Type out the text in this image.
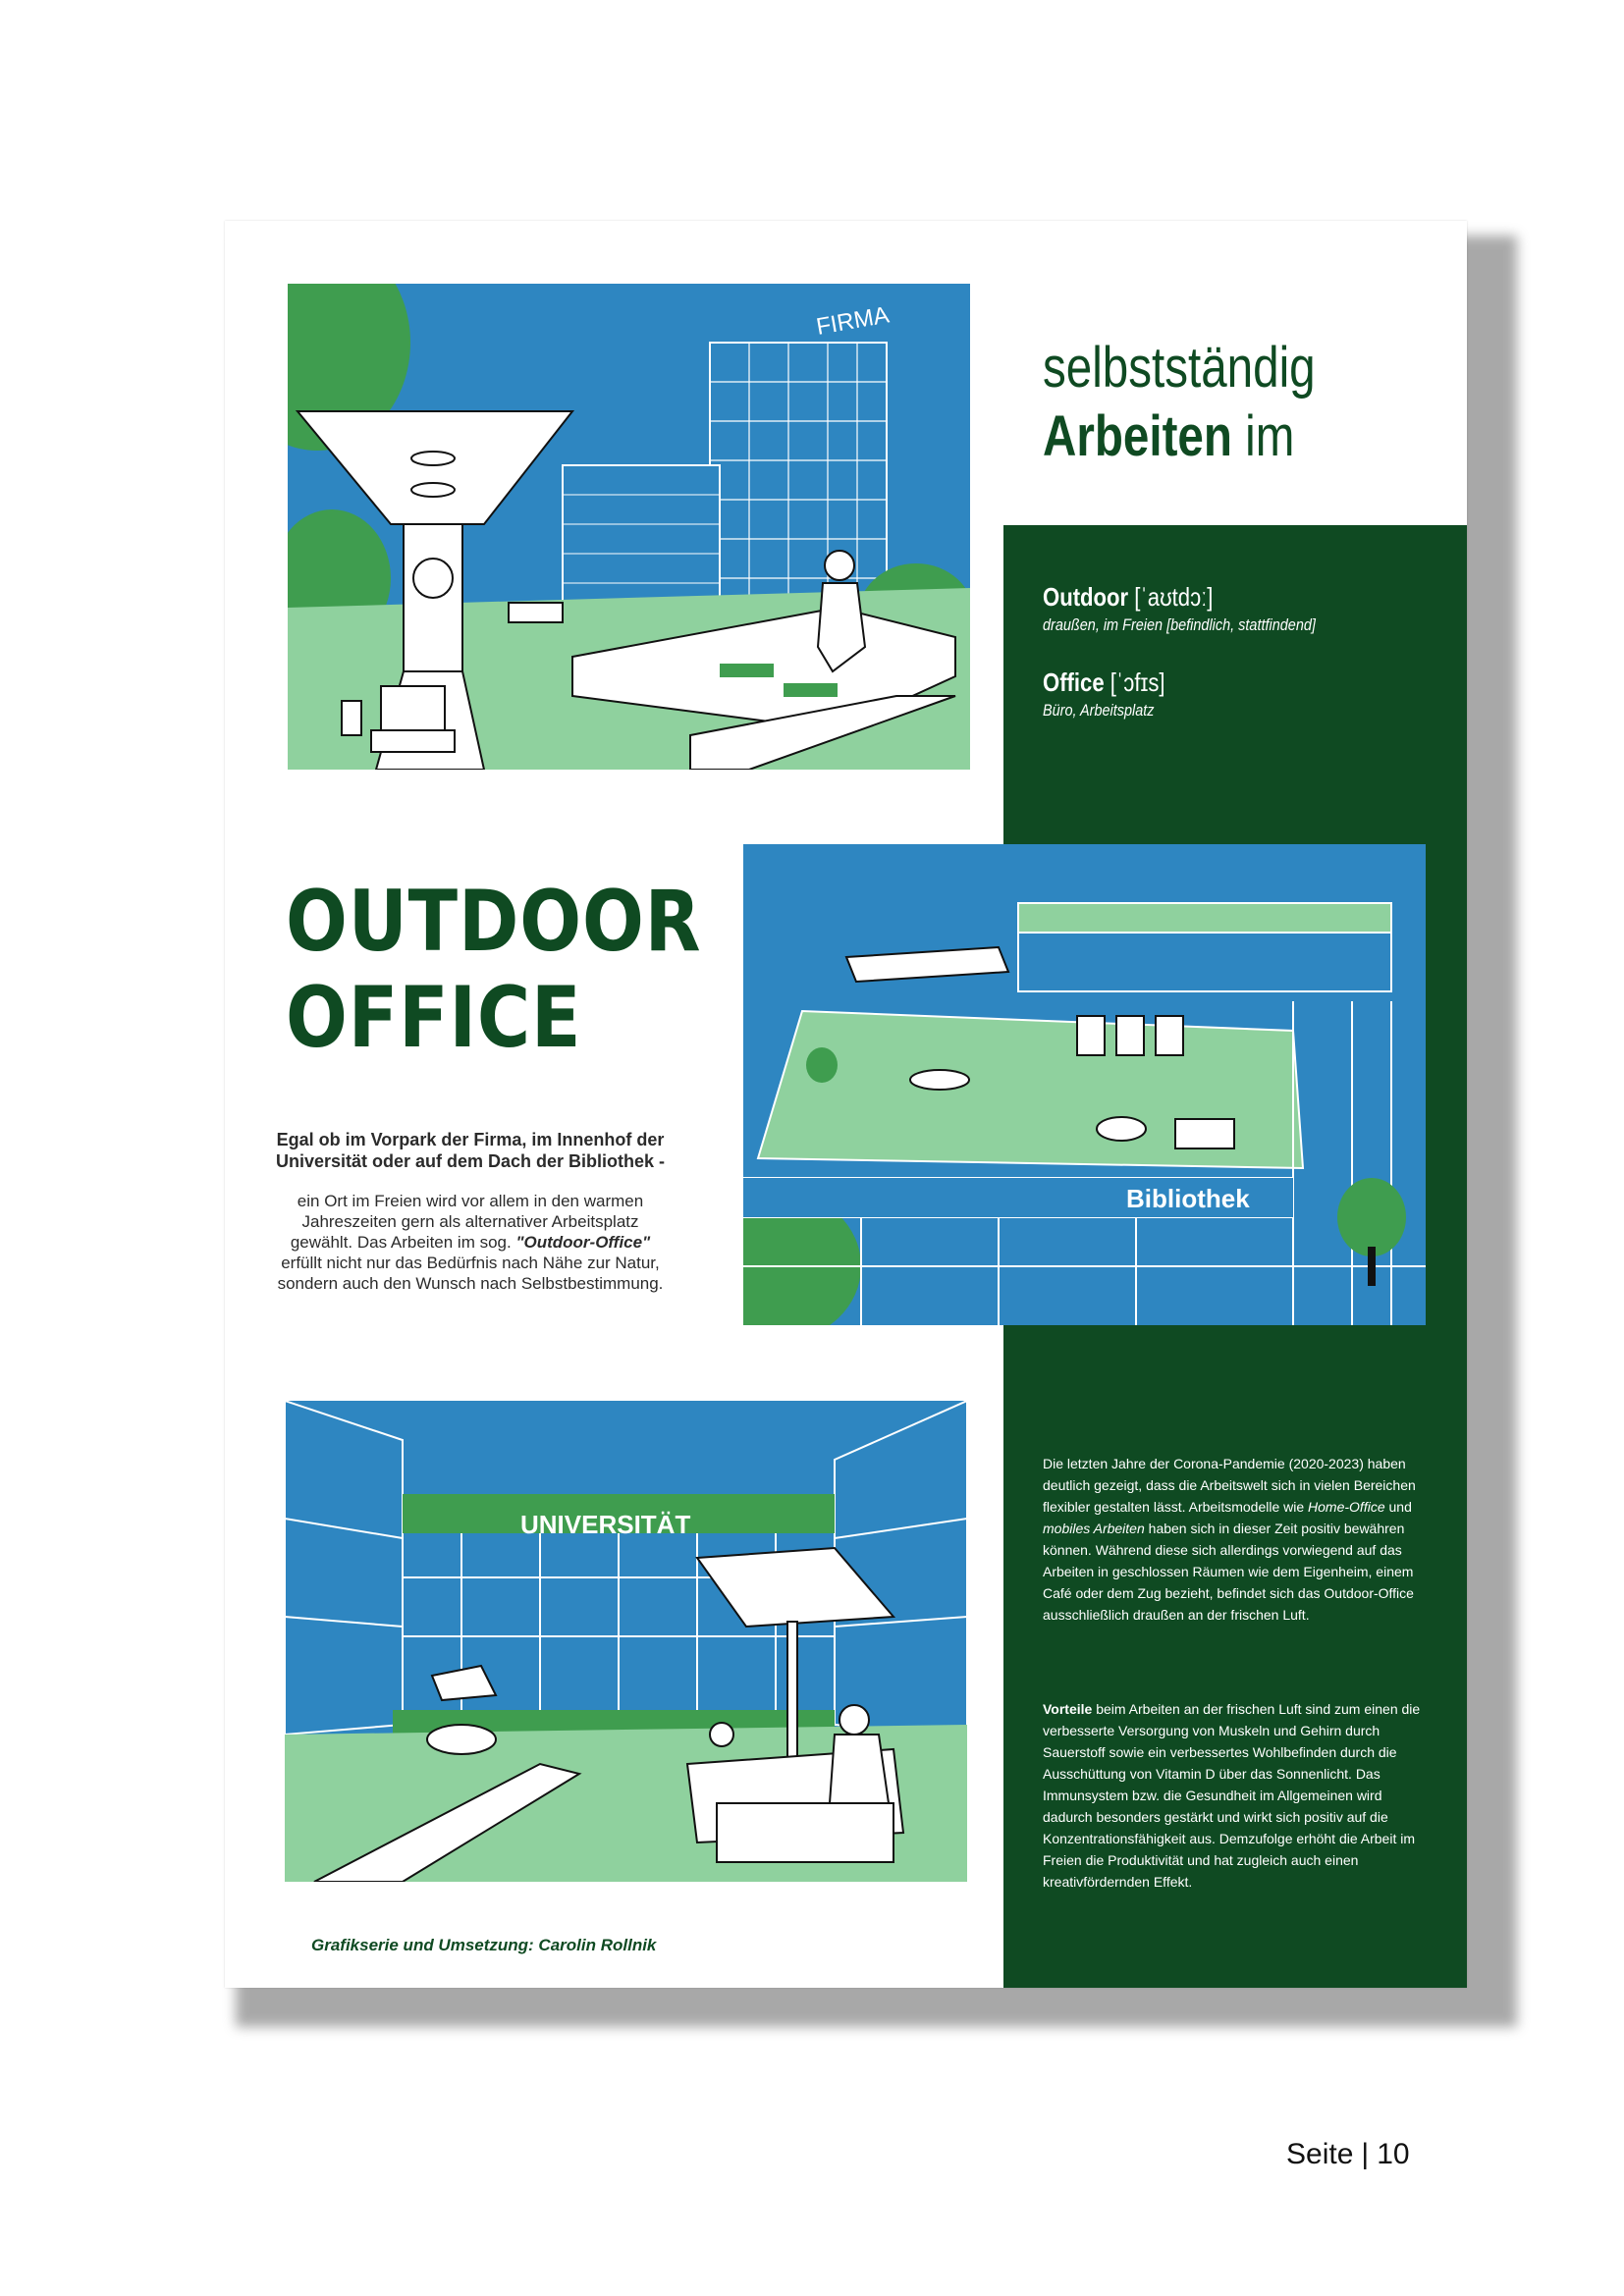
selbstständig
Arbeiten im
Outdoor [ˈaʊtdɔː]
draußen, im Freien [befindlich, stattfindend]
Office [ˈɔfɪs]
Büro, Arbeitsplatz
FIRMA
Bibliothek
UNIVERSITÄT
OUTDOOR
OFFICE
Egal ob im Vorpark der Firma, im Innenhof der Universität oder auf dem Dach der Bibliothek -
ein Ort im Freien wird vor allem in den warmen Jahreszeiten gern als alternativer Arbeitsplatz gewählt. Das Arbeiten im sog. "Outdoor-Office" erfüllt nicht nur das Bedürfnis nach Nähe zur Natur, sondern auch den Wunsch nach Selbstbestimmung.
Die letzten Jahre der Corona-Pandemie (2020-2023) haben deutlich gezeigt, dass die Arbeitswelt sich in vielen Bereichen flexibler gestalten lässt. Arbeitsmodelle wie Home-Office und mobiles Arbeiten haben sich in dieser Zeit positiv bewähren können. Während diese sich allerdings vorwiegend auf das Arbeiten in geschlossen Räumen wie dem Eigenheim, einem Café oder dem Zug bezieht, befindet sich das Outdoor-Office ausschließlich draußen an der frischen Luft.
Vorteile beim Arbeiten an der frischen Luft sind zum einen die verbesserte Versorgung von Muskeln und Gehirn durch Sauerstoff sowie ein verbessertes Wohlbefinden durch die Ausschüttung von Vitamin D über das Sonnenlicht. Das Immunsystem bzw. die Gesundheit im Allgemeinen wird dadurch besonders gestärkt und wirkt sich positiv auf die Konzentrationsfähigkeit aus. Demzufolge erhöht die Arbeit im Freien die Produktivität und hat zugleich auch einen kreativfördernden Effekt.
Grafikserie und Umsetzung: Carolin Rollnik
Seite | 10
